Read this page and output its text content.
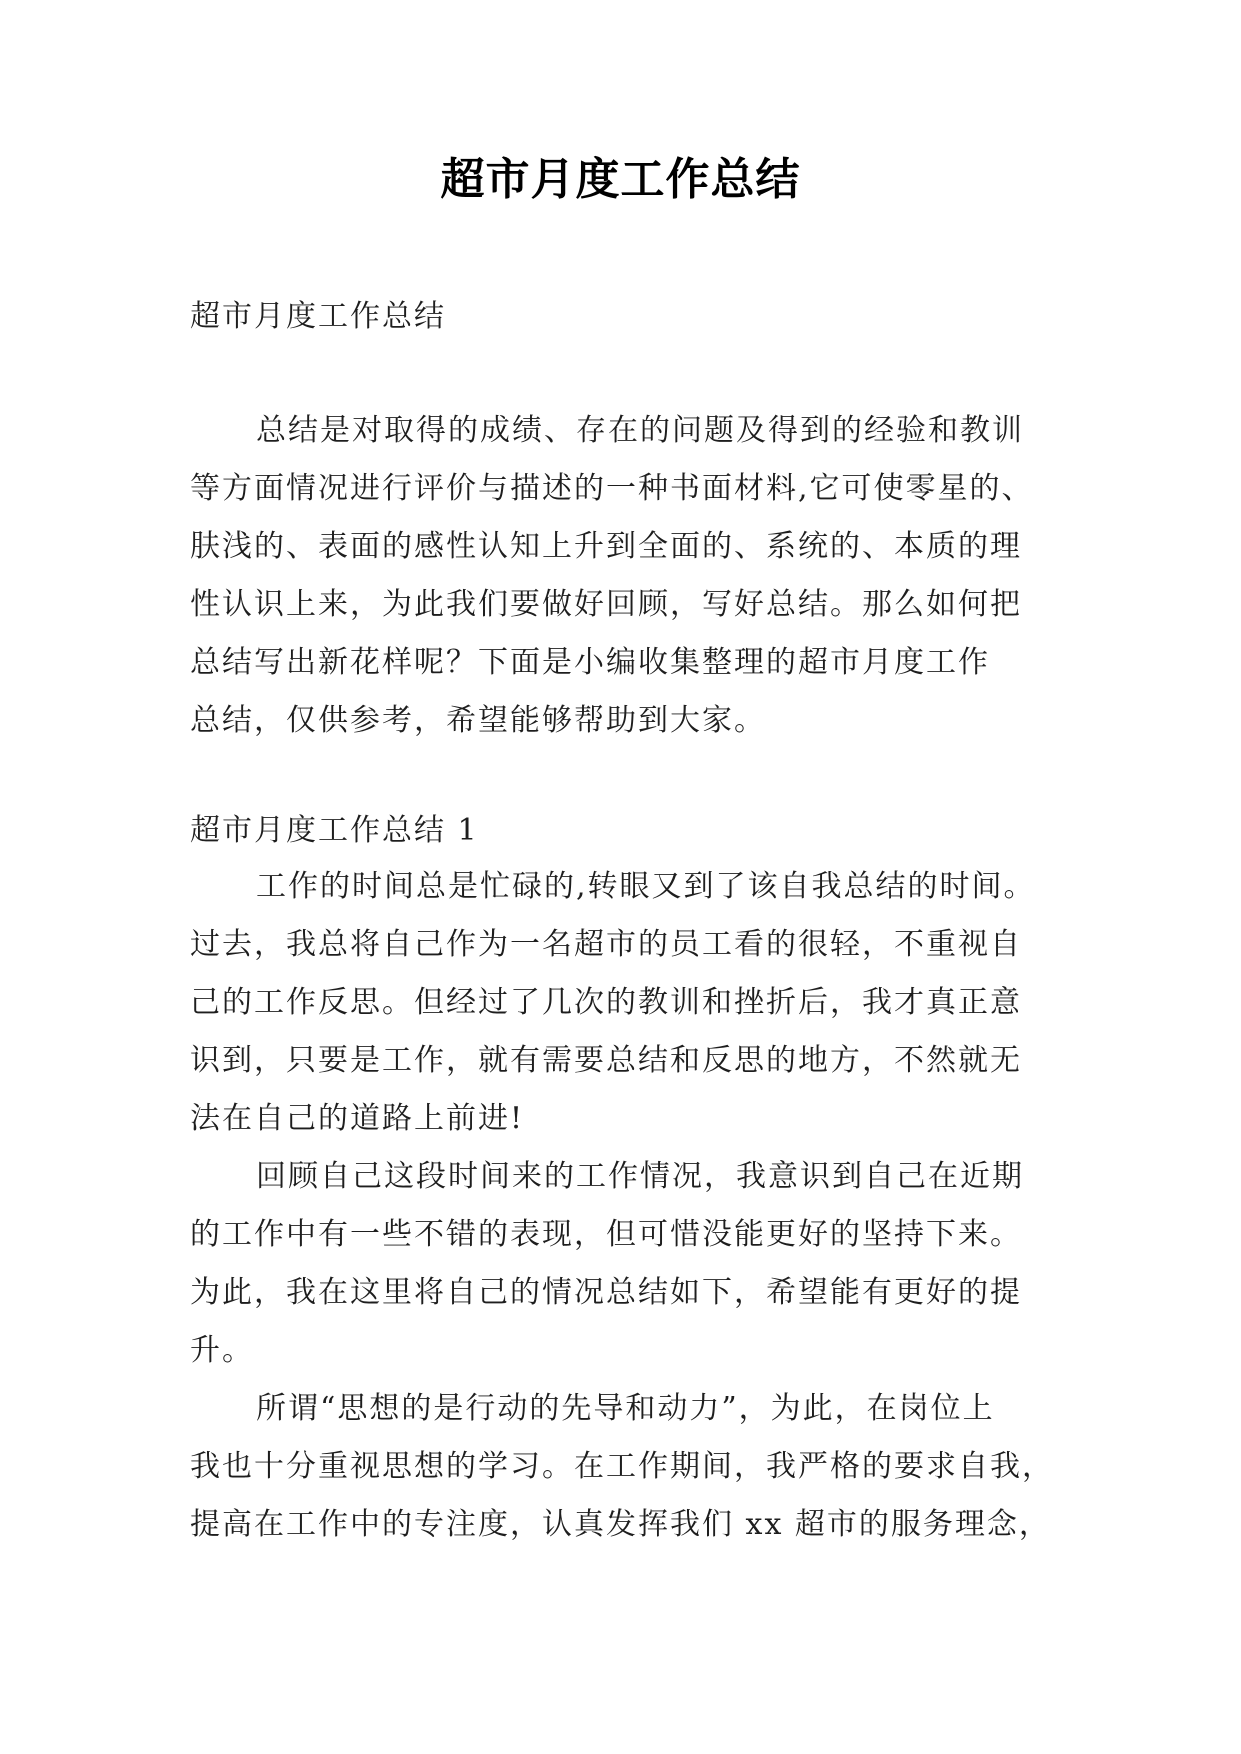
超市月度工作总结
超市月度工作总结
总结是对取得的成绩、存在的问题及得到的经验和教训
等方面情况进行评价与描述的一种书面材料,它可使零星的、
肤浅的、表面的感性认知上升到全面的、系统的、本质的理
性认识上来，为此我们要做好回顾，写好总结。那么如何把
总结写出新花样呢？下面是小编收集整理的超市月度工作
总结，仅供参考，希望能够帮助到大家。
超市月度工作总结 1
工作的时间总是忙碌的,转眼又到了该自我总结的时间。
过去，我总将自己作为一名超市的员工看的很轻，不重视自
己的工作反思。但经过了几次的教训和挫折后，我才真正意
识到，只要是工作，就有需要总结和反思的地方，不然就无
法在自己的道路上前进!
回顾自己这段时间来的工作情况，我意识到自己在近期
的工作中有一些不错的表现，但可惜没能更好的坚持下来。
为此，我在这里将自己的情况总结如下，希望能有更好的提
升。
所谓“思想的是行动的先导和动力”，为此，在岗位上
我也十分重视思想的学习。在工作期间，我严格的要求自我，
提高在工作中的专注度，认真发挥我们 xx 超市的服务理念，
